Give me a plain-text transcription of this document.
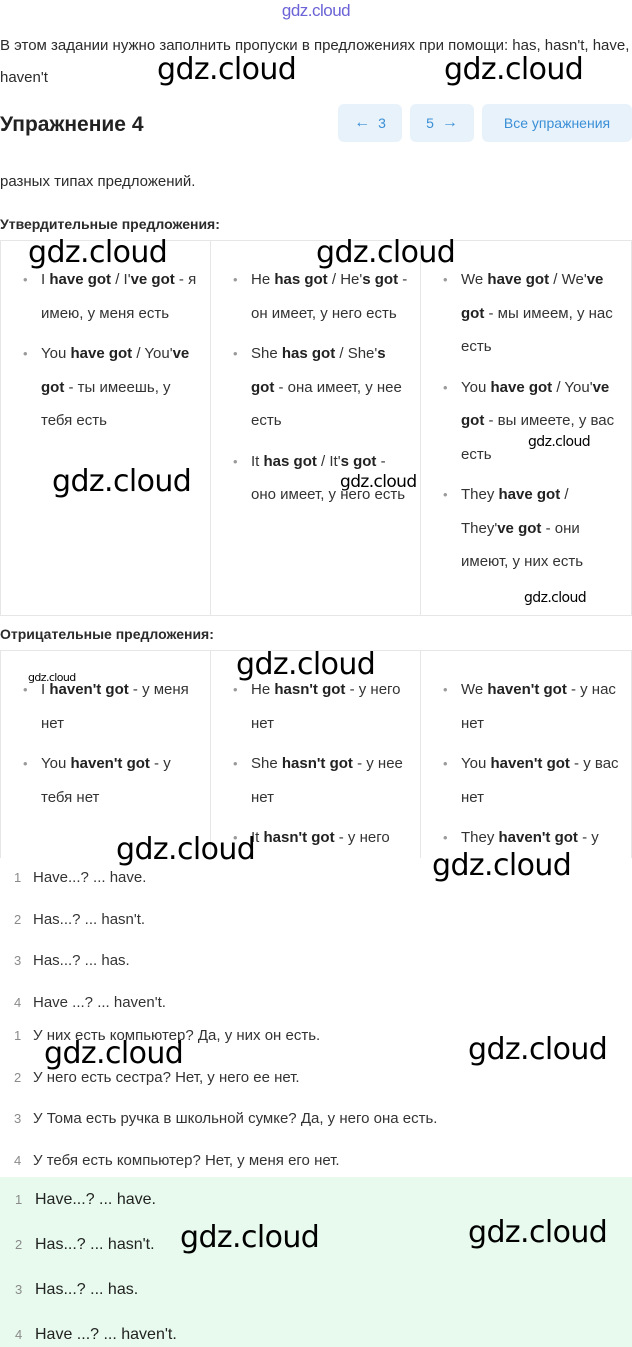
gdz.cloud
В этом задании нужно заполнить пропуски в предложениях при помощи: has, hasn't, have, haven't
Упражнение 4	← 3	5 →	Все упражнения
разных типах предложений.
Утвердительные предложения:
• I have got / I've got - я имею, у меня есть
• You have got / You've got - ты имеешь, у тебя есть
• He has got / He's got - он имеет, у него есть
• She has got / She's got - она имеет, у нее есть
• It has got / It's got - оно имеет, у него есть
• We have got / We've got - мы имеем, у нас есть
• You have got / You've got - вы имеете, у вас есть
• They have got / They've got - они имеют, у них есть
Отрицательные предложения:
• I haven't got - у меня нет
• You haven't got - у тебя нет
• He hasn't got - у него нет
• She hasn't got - у нее нет
• It hasn't got - у него
• We haven't got - у нас нет
• You haven't got - у вас нет
• They haven't got - у
1 Have...? ... have.
2 Has...? ... hasn't.
3 Has...? ... has.
4 Have ...? ... haven't.
1 У них есть компьютер? Да, у них он есть.
2 У него есть сестра? Нет, у него ее нет.
3 У Тома есть ручка в школьной сумке? Да, у него она есть.
4 У тебя есть компьютер? Нет, у меня его нет.
1 Have...? ... have.
2 Has...? ... hasn't.
3 Has...? ... has.
4 Have ...? ... haven't.
gdz.cloud	gdz.cloud
gdz.cloud	gdz.cloud
gdz.cloud
gdz.cloud	gdz.cloud
gdz.cloud
gdz.cloud	gdz.cloud
gdz.cloud	gdz.cloud
gdz.cloud	gdz.cloud
gdz.cloud	gdz.cloud
